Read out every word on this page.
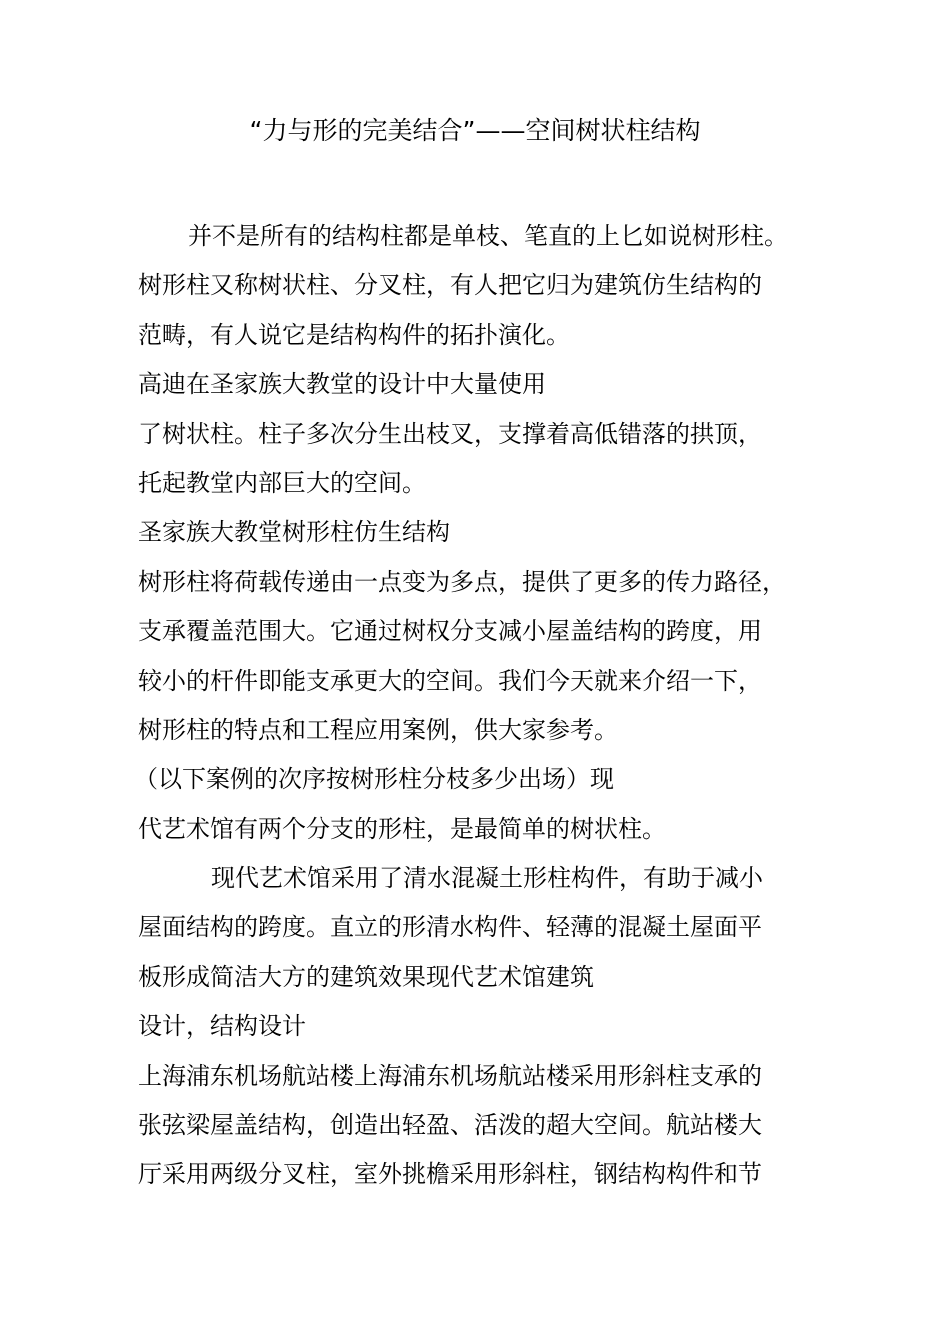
“力与形的完美结合”——空间树状柱结构
并不是所有的结构柱都是单枝、笔直的上匕如说树形柱。
树形柱又称树状柱、分叉柱，有人把它归为建筑仿生结构的
范畴，有人说它是结构构件的拓扑演化。
高迪在圣家族大教堂的设计中大量使用
了树状柱。柱子多次分生出枝叉，支撑着高低错落的拱顶，
托起教堂内部巨大的空间。
圣家族大教堂树形柱仿生结构
树形柱将荷载传递由一点变为多点，提供了更多的传力路径，
支承覆盖范围大。它通过树权分支减小屋盖结构的跨度，用
较小的杆件即能支承更大的空间。我们今天就来介绍一下，
树形柱的特点和工程应用案例，供大家参考。
（以下案例的次序按树形柱分枝多少出场）现
代艺术馆有两个分支的形柱，是最简单的树状柱。
现代艺术馆采用了清水混凝土形柱构件，有助于减小
屋面结构的跨度。直立的形清水构件、轻薄的混凝土屋面平
板形成简洁大方的建筑效果现代艺术馆建筑
设计，结构设计
上海浦东机场航站楼上海浦东机场航站楼采用形斜柱支承的
张弦梁屋盖结构，创造出轻盈、活泼的超大空间。航站楼大
厅采用两级分叉柱，室外挑檐采用形斜柱，钢结构构件和节
